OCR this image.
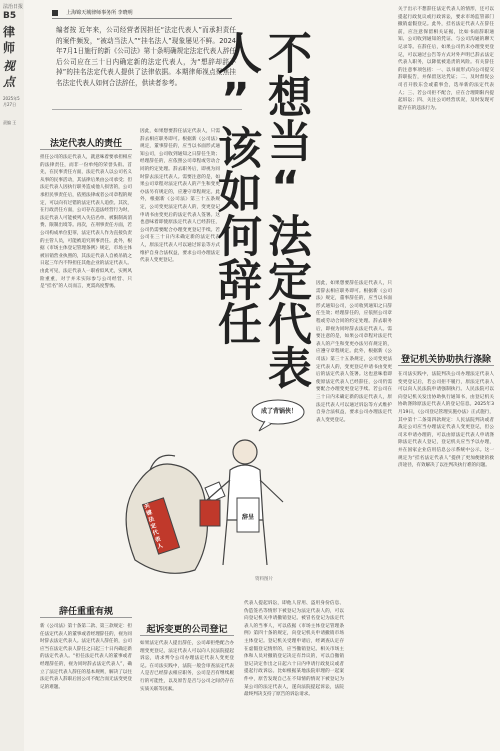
法治日报
B5
律师
视点
2025年5月27日
责编 王
$^{上海锦天城律师事务所 李晓明}$
编者按 近年来，公司经营者因担任“法定代表人”而承担责任的案件频发，“被动当法人”“挂名法人”现象屡见不鲜。2024年7月1日施行的新《公司法》第十条明确规定法定代表人辞任后公司应在三十日内确定新的法定代表人，为“想辞却辞不掉”的挂名法定代表人提供了法律依据。本期律师视点聚焦挂名法定代表人如何合法辞任，供读者参考。
法定代表人的责任
担任公司的法定代表人，就意味着要承担相应的法律责任，而非一份单纯的荣誉头衔。首先，在民事责任方面，法定代表人以公司名义从事的民事活动，其法律后果由公司承受；但法定代表人因执行职务造成他人损害的，公司承担民事责任后，依照法律或者公司章程的规定，可以向有过错的法定代表人追偿。其次，在行政责任方面，公司存在违法经营行为时，法定代表人可能被列入失信名单、被限制高消费、限制出境等。再次，在刑事责任方面，若公司构成单位犯罪，法定代表人作为直接负责的主管人员，可能被追究刑事责任。此外，根据《市场主体登记管理条例》规定，市场主体被吊销营业执照的，其法定代表人自被吊销之日起三年内不得担任其他企业的法定代表人。由此可见，法定代表人一职看似风光，实则风险重重，对于并未实际参与公司经营、只是“挂名”的人员而言，更需高度警惕。
辞任重重有规
新《公司法》第十条第二款、第三款规定：担任法定代表人的董事或者经理辞任的，视为同时辞去法定代表人。法定代表人辞任的，公司应当在法定代表人辞任之日起三十日内确定新的法定代表人。“担任法定代表人的董事或者经理辞任的，视为同时辞去法定代表人”，确立了法定代表人辞任的基本规则，解决了以往法定代表人辞职后因公司不配合而无法变更登记的难题。
因此，如果想要辞任法定代表人，只需辞去相应职务即可。根据新《公司法》规定，董事辞任的，应当以书面形式通知公司，公司收到通知之日辞任生效；经理辞任的，应依照公司章程或劳动合同的约定处理。辞去职务后，即视为同时辞去法定代表人。需要注意的是，如果公司章程对法定代表人的产生和变更办法另有规定的，应遵守章程规定。此外，根据新《公司法》第三十五条规定，公司变更法定代表人的，变更登记申请书由变更后的法定代表人签署。这也意味着即使原法定代表人已经辞任，公司仍需要配合办理变更登记手续。若公司在三十日内未确定新的法定代表人，原法定代表人可以通过诉讼等方式维护自身合法权益，要求公司办理法定代表人变更登记。
起诉变更的公司登记
如果法定代表人提出辞任，公司却拒绝配合办理变更登记，法定代表人可以向人民法院提起诉讼，请求判令公司办理法定代表人变更登记。在司法实践中，法院一般会审查法定代表人是否已经辞去相应职务，公司是否有继续履行的可能性，以及原告是否与公司之间仍存在实质关联等因素。
成了背锅侠！
辞呈
关键法定代表人
资料图片
不想当“法定代表人”该如何辞任	因此，如果想要辞任法定代表人，只需辞去相应职务即可。根据新《公司法》规定，董事辞任的，应当以书面形式通知公司，公司收到通知之日辞任生效；经理辞任的，应依照公司章程或劳动合同的约定处理。辞去职务后，即视为同时辞去法定代表人。需要注意的是，如果公司章程对法定代表人的产生和变更办法另有规定的，应遵守章程规定。此外，根据新《公司法》第三十五条规定，公司变更法定代表人的，变更登记申请书由变更后的法定代表人签署。这也意味着即使原法定代表人已经辞任，公司仍需要配合办理变更登记手续。若公司在三十日内未确定新的法定代表人，原法定代表人可以通过诉讼等方式维护自身合法权益，要求公司办理法定代表人变更登记。
代表人提起诉讼，即他人冒用、盗用身份信息、伪造签名等情形下被登记为法定代表人的，可以向登记机关申请撤销登记。被冒名登记为法定代表人的当事人，可以依据《市场主体登记管理条例》第四十条的规定，向登记机关申请撤销市场主体登记。登记机关受理申请后，经调查认定存在虚假登记情形的，应当撤销登记。相关市场主体和人员对撤销登记决定有异议的，可以自撤销登记决定作出之日起六十日内申请行政复议或者提起行政诉讼。比如根据某地法院审理的一起案件中，原告发现自己在不知情的情况下被登记为某公司的法定代表人，遂向法院提起诉讼，法院最终判决支持了原告的诉讼请求。
关于出示不想辞任法定代表人的情形，还可以提起行政复议或行政诉讼，要求市场监管部门撤销虚假登记。此外，挂名法定代表人在辞任前，应注意保留相关证据，比如书面辞职通知、公司收到通知的凭证、与公司沟通的聊天记录等。在辞任后，如果公司仍未办理变更登记，可以通过公告等方式对外声明已辞去法定代表人职务，以降低被追责的风险。有关辞任的注意事项包括：一、以书面形式向公司提交辞职报告，并保留送达凭证；二、及时督促公司召开股东会或董事会，选举新的法定代表人；三、若公司拒不配合，应在合理期限内提起诉讼；四、关注公司经营状况，及时发现可能存在的违法行为。
登记机关协助执行涤除
在司法实践中，法院判决公司办理法定代表人变更登记后，若公司拒不履行，原法定代表人可以向人民法院申请强制执行。人民法院可以向登记机关发出协助执行通知书，由登记机关协助涤除原法定代表人的登记信息。2025年3月19日，《公司登记管理实施办法》正式施行，其中第十二条第四款规定：人民法院判决或者裁定公司应当办理法定代表人变更登记，但公司未申请办理的，可以由原法定代表人申请涤除法定代表人登记，登记机关应当予以办理，并在国家企业信用信息公示系统中公示。这一规定为“挂名法定代表人”提供了更加便捷的救济途径，有效解决了以往判决执行难的问题。
